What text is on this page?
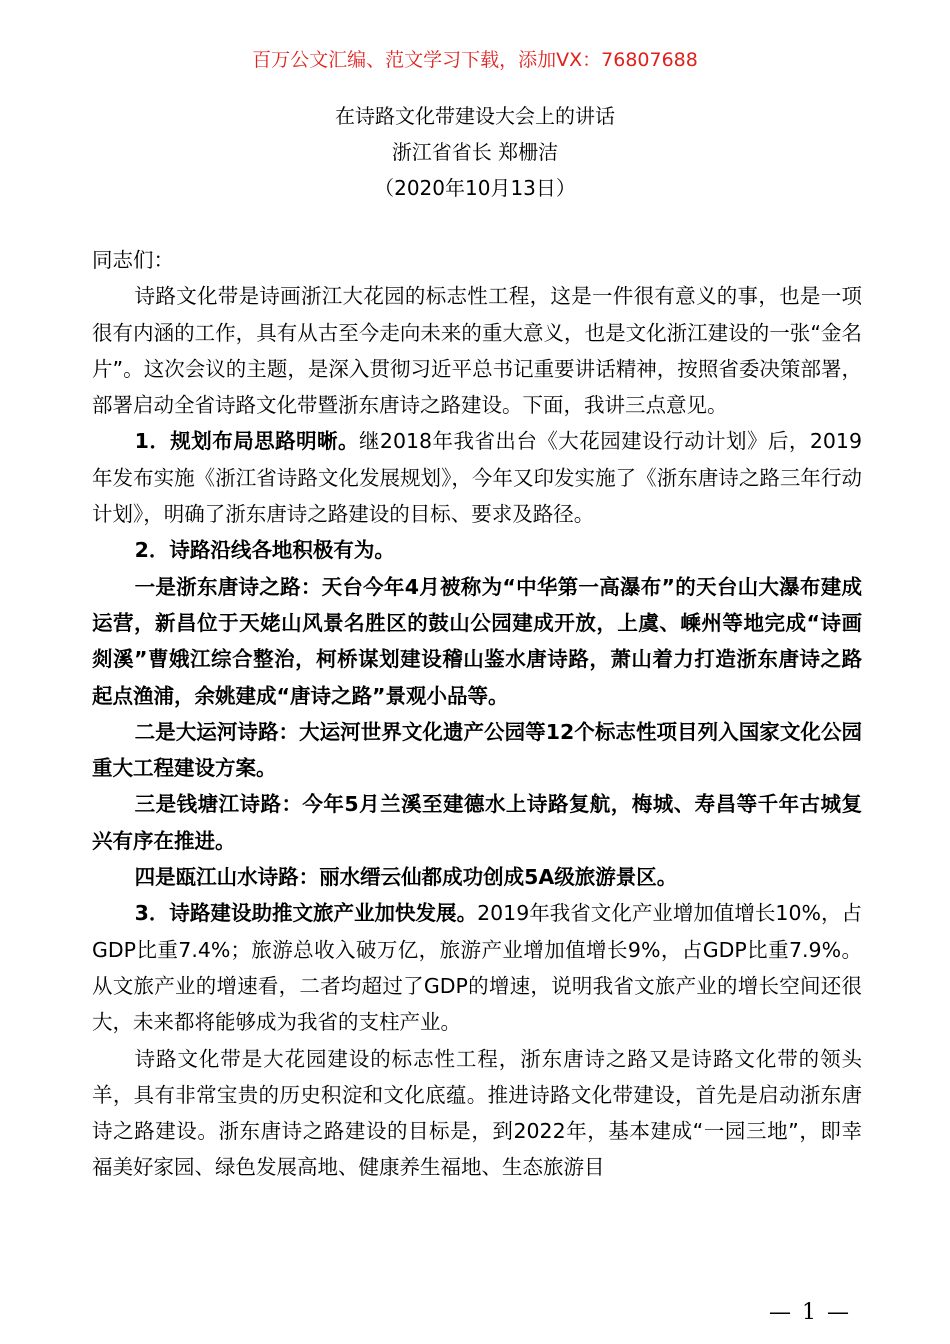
百万公文汇编、范文学习下载，添加VX：76807688
在诗路文化带建设大会上的讲话
浙江省省长 郑栅洁
（2020年10月13日）

同志们：

诗路文化带是诗画浙江大花园的标志性工程，这是一件很有意义的事，也是一项很有内涵的工作，具有从古至今走向未来的重大意义，也是文化浙江建设的一张“金名片”。这次会议的主题，是深入贯彻习近平总书记重要讲话精神，按照省委决策部署，部署启动全省诗路文化带暨浙东唐诗之路建设。下面，我讲三点意见。

1．规划布局思路明晰。继2018年我省出台《大花园建设行动计划》后，2019年发布实施《浙江省诗路文化发展规划》，今年又印发实施了《浙东唐诗之路三年行动计划》，明确了浙东唐诗之路建设的目标、要求及路径。

2．诗路沿线各地积极有为。

一是浙东唐诗之路：天台今年4月被称为“中华第一高瀑布”的天台山大瀑布建成运营，新昌位于天姥山风景名胜区的鼓山公园建成开放，上虞、嵊州等地完成“诗画剡溪”曹娥江综合整治，柯桥谋划建设稽山鉴水唐诗路，萧山着力打造浙东唐诗之路起点渔浦，余姚建成“唐诗之路”景观小品等。

二是大运河诗路：大运河世界文化遗产公园等12个标志性项目列入国家文化公园重大工程建设方案。

三是钱塘江诗路：今年5月兰溪至建德水上诗路复航，梅城、寿昌等千年古城复兴有序在推进。

四是瓯江山水诗路：丽水缙云仙都成功创成5A级旅游景区。

3．诗路建设助推文旅产业加快发展。2019年我省文化产业增加值增长10%，占GDP比重7.4%；旅游总收入破万亿，旅游产业增加值增长9%，占GDP比重7.9%。从文旅产业的增速看，二者均超过了GDP的增速，说明我省文旅产业的增长空间还很大，未来都将能够成为我省的支柱产业。

诗路文化带是大花园建设的标志性工程，浙东唐诗之路又是诗路文化带的领头羊，具有非常宝贵的历史积淀和文化底蕴。推进诗路文化带建设，首先是启动浙东唐诗之路建设。浙东唐诗之路建设的目标是，到2022年，基本建成“一园三地”，即幸福美好家园、绿色发展高地、健康养生福地、生态旅游目

— 1 —
